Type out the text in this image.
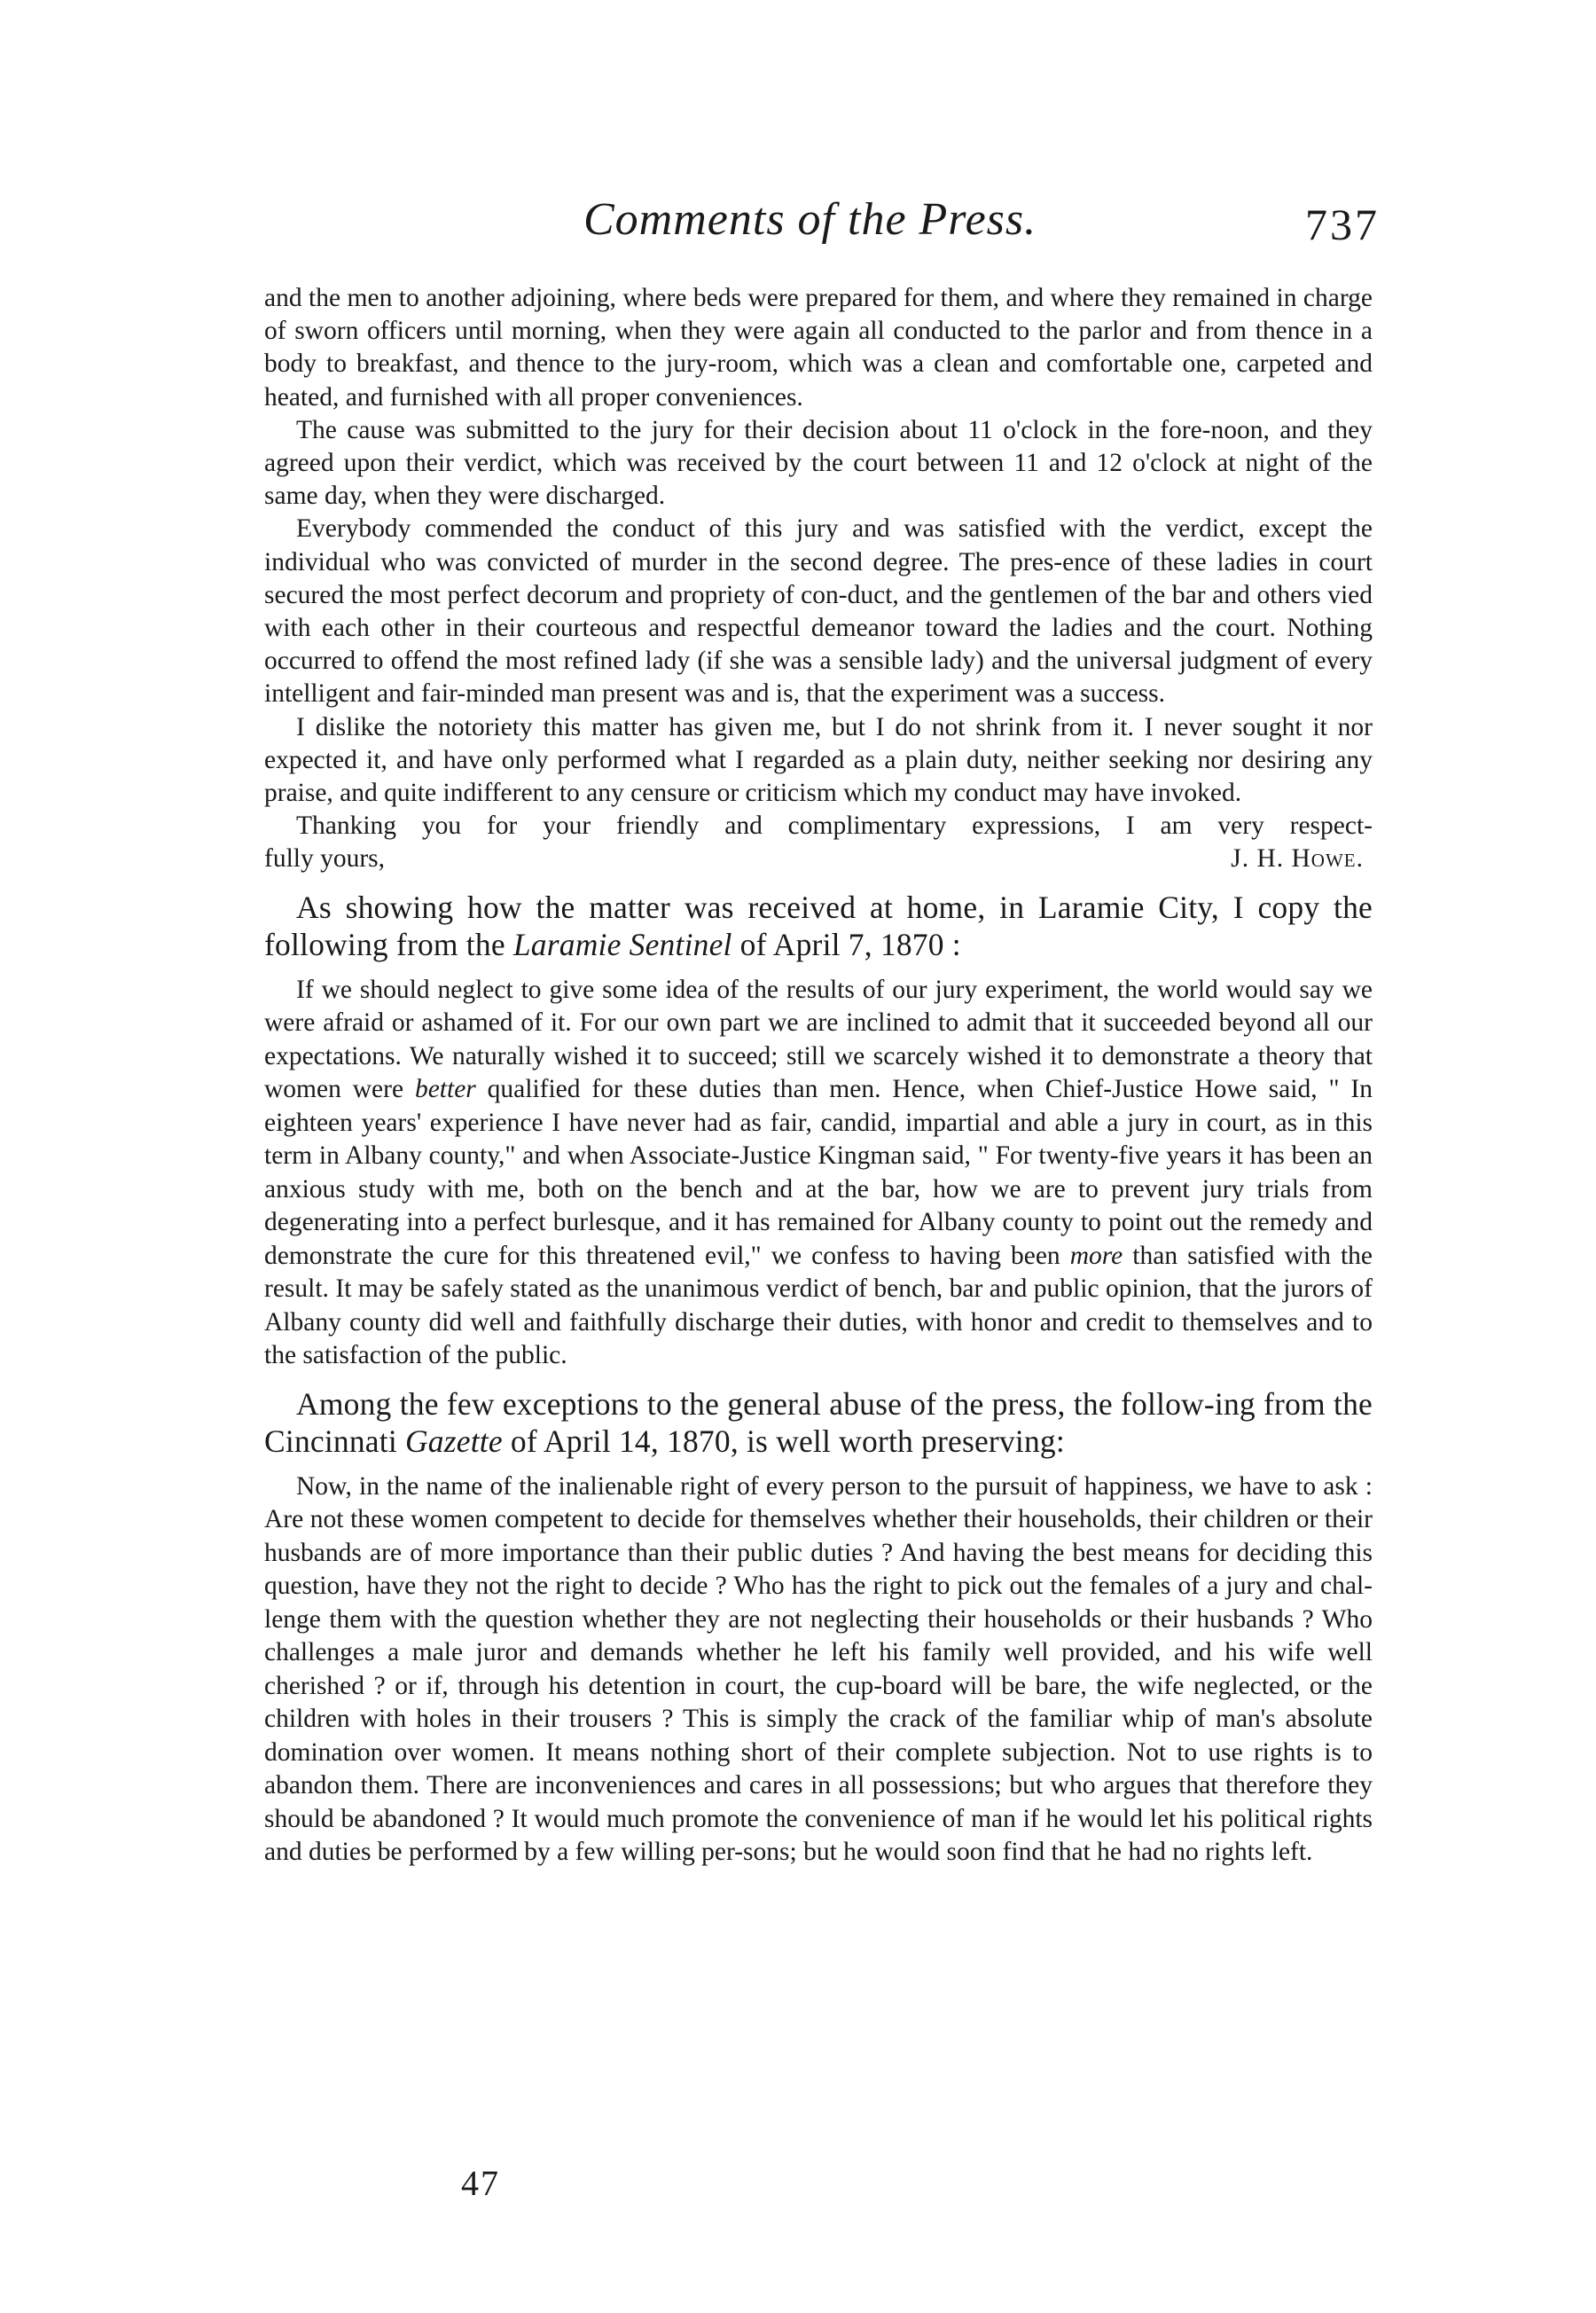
Comments of the Press.	737

and the men to another adjoining, where beds were prepared for them, and where they remained in charge of sworn officers until morning, when they were again all conducted to the parlor and from thence in a body to breakfast, and thence to the jury-room, which was a clean and comfortable one, carpeted and heated, and furnished with all proper conveniences.

The cause was submitted to the jury for their decision about 11 o'clock in the fore-noon, and they agreed upon their verdict, which was received by the court between 11 and 12 o'clock at night of the same day, when they were discharged.

Everybody commended the conduct of this jury and was satisfied with the verdict, except the individual who was convicted of murder in the second degree. The pres-ence of these ladies in court secured the most perfect decorum and propriety of con-duct, and the gentlemen of the bar and others vied with each other in their courteous and respectful demeanor toward the ladies and the court. Nothing occurred to offend the most refined lady (if she was a sensible lady) and the universal judgment of every intelligent and fair-minded man present was and is, that the experiment was a success.

I dislike the notoriety this matter has given me, but I do not shrink from it. I never sought it nor expected it, and have only performed what I regarded as a plain duty, neither seeking nor desiring any praise, and quite indifferent to any censure or criticism which my conduct may have invoked.

Thanking you for your friendly and complimentary expressions, I am very respect-

fully yours,	J. H. Howe.

As showing how the matter was received at home, in Laramie City, I copy the following from the Laramie Sentinel of April 7, 1870 :

If we should neglect to give some idea of the results of our jury experiment, the world would say we were afraid or ashamed of it. For our own part we are inclined to admit that it succeeded beyond all our expectations. We naturally wished it to succeed; still we scarcely wished it to demonstrate a theory that women were better qualified for these duties than men. Hence, when Chief-Justice Howe said, " In eighteen years' experience I have never had as fair, candid, impartial and able a jury in court, as in this term in Albany county," and when Associate-Justice Kingman said, " For twenty-five years it has been an anxious study with me, both on the bench and at the bar, how we are to prevent jury trials from degenerating into a perfect burlesque, and it has remained for Albany county to point out the remedy and demonstrate the cure for this threatened evil," we confess to having been more than satisfied with the result. It may be safely stated as the unanimous verdict of bench, bar and public opinion, that the jurors of Albany county did well and faithfully discharge their duties, with honor and credit to themselves and to the satisfaction of the public.

Among the few exceptions to the general abuse of the press, the follow-ing from the Cincinnati Gazette of April 14, 1870, is well worth preserving:

Now, in the name of the inalienable right of every person to the pursuit of happiness, we have to ask : Are not these women competent to decide for themselves whether their households, their children or their husbands are of more importance than their public duties ? And having the best means for deciding this question, have they not the right to decide ? Who has the right to pick out the females of a jury and chal-lenge them with the question whether they are not neglecting their households or their husbands ? Who challenges a male juror and demands whether he left his family well provided, and his wife well cherished ? or if, through his detention in court, the cup-board will be bare, the wife neglected, or the children with holes in their trousers ? This is simply the crack of the familiar whip of man's absolute domination over women. It means nothing short of their complete subjection. Not to use rights is to abandon them. There are inconveniences and cares in all possessions; but who argues that therefore they should be abandoned ? It would much promote the convenience of man if he would let his political rights and duties be performed by a few willing per-sons; but he would soon find that he had no rights left.

47
